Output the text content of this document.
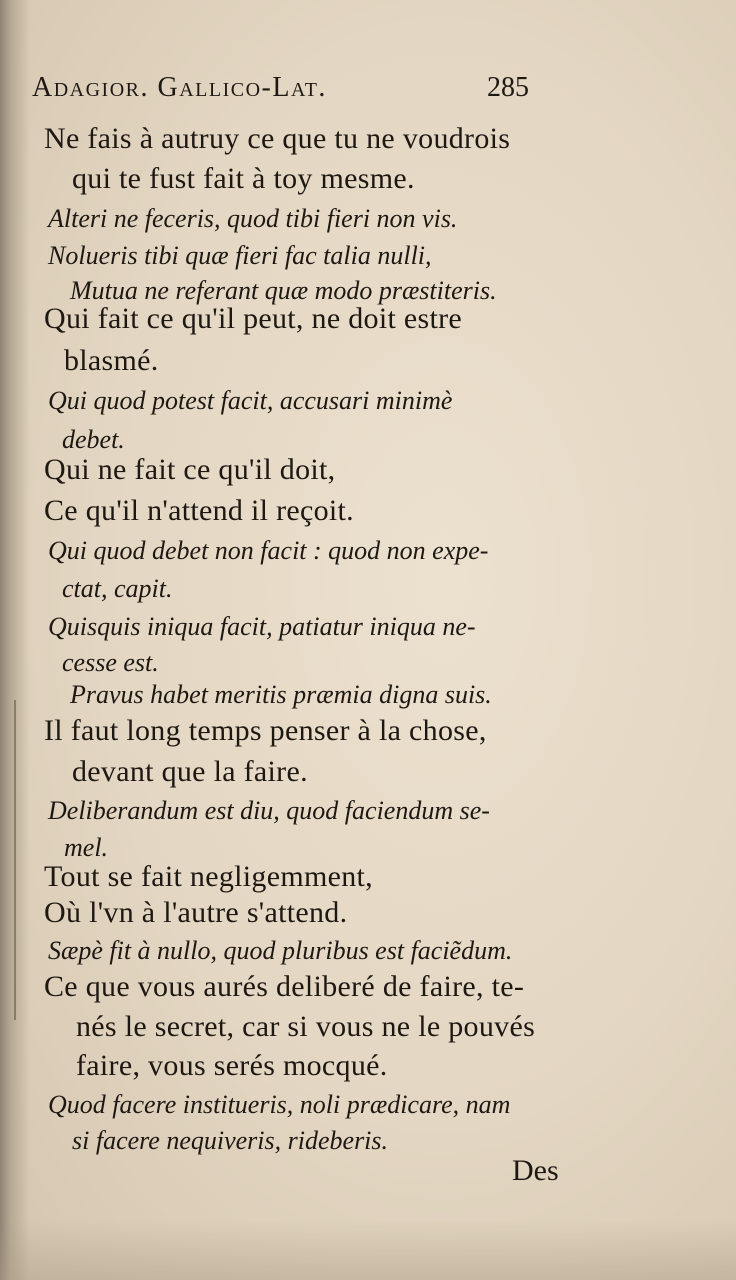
Adagior. Gallico-Lat.	285
Ne fais à autruy ce que tu ne voudrois
qui te fust fait à toy mesme.
Alteri ne feceris, quod tibi fieri non vis.
Nolueris tibi quæ fieri fac talia nulli,
Mutua ne referant quæ modo præstiteris.
Qui fait ce qu'il peut, ne doit estre
blasmé.
Qui quod potest facit, accusari minimè
debet.
Qui ne fait ce qu'il doit,
Ce qu'il n'attend il reçoit.
Qui quod debet non facit : quod non expe-
ctat, capit.
Quisquis iniqua facit, patiatur iniqua ne-
cesse est.
Pravus habet meritis præmia digna suis.
Il faut long temps penser à la chose,
devant que la faire.
Deliberandum est diu, quod faciendum se-
mel.
Tout se fait negligemment,
Où l'vn à l'autre s'attend.
Sæpè fit à nullo, quod pluribus est faciẽdum.
Ce que vous aurés deliberé de faire, te-
nés le secret, car si vous ne le pouvés
faire, vous serés mocqué.
Quod facere institueris, noli prædicare, nam
si facere nequiveris, rideberis.
Des
